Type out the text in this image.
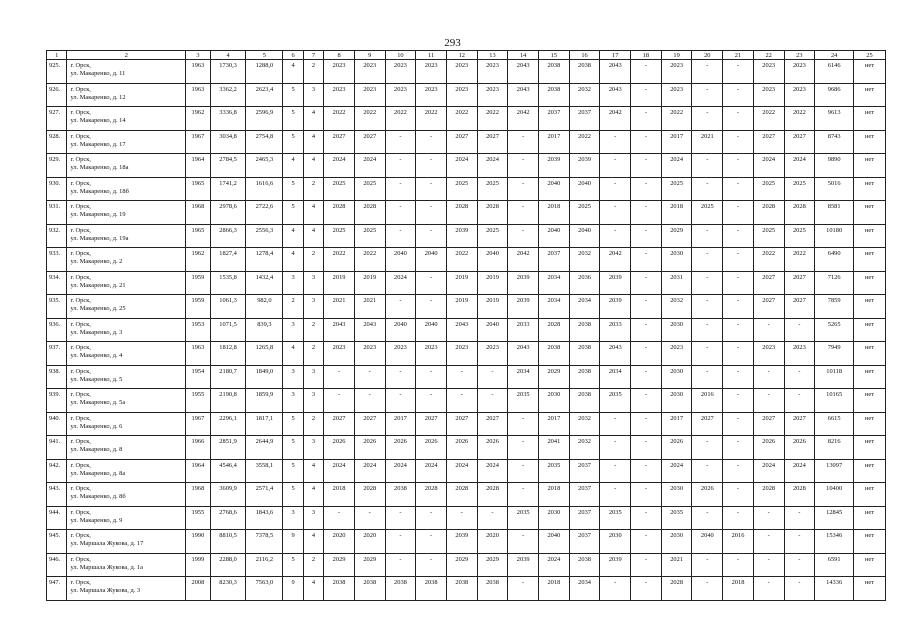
293
1	2	3	4	5	6	7	8	9	10	11	12	13	14	15	16	17	18	19	20	21	22	23	24	25
925.	г. Орск,
ул. Макаренко, д. 11	1963	1730,3	1288,0	4	2	2023	2023	2023	2023	2023	2023	2043	2038	2038	2043	-	2023	-	-	2023	2023	6146	нет
926.	г. Орск,
ул. Макаренко, д. 12	1963	3362,2	2623,4	5	3	2023	2023	2023	2023	2023	2023	2043	2038	2032	2043	-	2023	-	-	2023	2023	9686	нет
927.	г. Орск,
ул. Макаренко, д. 14	1962	3336,8	2596,9	5	4	2022	2022	2022	2022	2022	2022	2042	2037	2037	2042	-	2022	-	-	2022	2022	9613	нет
928.	г. Орск,
ул. Макаренко, д. 17	1967	3034,8	2754,8	5	4	2027	2027	-	-	2027	2027	-	2017	2022	-	-	2017	2021	-	2027	2027	8743	нет
929.	г. Орск,
ул. Макаренко, д. 18а	1964	2784,5	2465,3	4	4	2024	2024	-	-	2024	2024	-	2039	2039	-	-	2024	-	-	2024	2024	9890	нет
930.	г. Орск,
ул. Макаренко, д. 18б	1965	1741,2	1616,6	5	2	2025	2025	-	-	2025	2025	-	2040	2040	-	-	2025	-	-	2025	2025	5016	нет
931.	г. Орск,
ул. Макаренко, д. 19	1968	2978,6	2722,6	5	4	2028	2028	-	-	2028	2028	-	2018	2025	-	-	2018	2025	-	2028	2028	8581	нет
932.	г. Орск,
ул. Макаренко, д. 19а	1965	2866,3	2556,3	4	4	2025	2025	-	-	2039	2025	-	2040	2040	-	-	2029	-	-	2025	2025	10180	нет
933.	г. Орск,
ул. Макаренко, д. 2	1962	1827,4	1278,4	4	2	2022	2022	2040	2040	2022	2040	2042	2037	2032	2042	-	2030	-	-	2022	2022	6490	нет
934.	г. Орск,
ул. Макаренко, д. 21	1959	1535,8	1432,4	3	3	2019	2019	2024	-	2019	2019	2039	2034	2036	2039	-	2031	-	-	2027	2027	7126	нет
935.	г. Орск,
ул. Макаренко, д. 25	1959	1061,3	982,0	2	3	2021	2021	-	-	2019	2019	2039	2034	2034	2039	-	2032	-	-	2027	2027	7859	нет
936.	г. Орск,
ул. Макаренко, д. 3	1953	1071,5	839,3	3	2	2043	2043	2040	2040	2043	2040	2033	2028	2038	2033	-	2030	-	-	-	-	5265	нет
937.	г. Орск,
ул. Макаренко, д. 4	1963	1812,8	1265,8	4	2	2023	2023	2023	2023	2023	2023	2043	2038	2038	2043	-	2023	-	-	2023	2023	7949	нет
938.	г. Орск,
ул. Макаренко, д. 5	1954	2180,7	1849,0	3	3	-	-	-	-	-	-	2034	2029	2038	2034	-	2030	-	-	-	-	10118	нет
939.	г. Орск,
ул. Макаренко, д. 5а	1955	2190,8	1859,9	3	3	-	-	-	-	-	-	2035	2030	2038	2035	-	2030	2016	-	-	-	10165	нет
940.	г. Орск,
ул. Макаренко, д. 6	1967	2296,1	1817,1	5	2	2027	2027	2017	2027	2027	2027	-	2017	2032	-	-	2017	2027	-	2027	2027	6615	нет
941.	г. Орск,
ул. Макаренко, д. 8	1966	2851,9	2644,9	5	3	2026	2026	2026	2026	2026	2026	-	2041	2032	-	-	2026	-	-	2026	2026	8216	нет
942.	г. Орск,
ул. Макаренко, д. 8а	1964	4546,4	3558,1	5	4	2024	2024	2024	2024	2024	2024	-	2035	2037	-	-	2024	-	-	2024	2024	13097	нет
943.	г. Орск,
ул. Макаренко, д. 8б	1968	3609,9	2571,4	5	4	2018	2028	2038	2028	2028	2028	-	2018	2037	-	-	2030	2026	-	2028	2028	10400	нет
944.	г. Орск,
ул. Макаренко, д. 9	1955	2768,6	1843,6	3	3	-	-	-	-	-	-	2035	2030	2037	2035	-	2035	-	-	-	-	12845	нет
945.	г. Орск,
ул. Маршала Жукова, д. 17	1990	8810,5	7378,5	9	4	2020	2020	-	-	2039	2020	-	2040	2037	2030	-	2030	2040	2016	-	-	15346	нет
946.	г. Орск,
ул. Маршала Жукова, д. 1а	1999	2288,0	2116,2	5	2	2029	2029	-	-	2029	2029	2039	2024	2038	2039	-	2021	-	-	-	-	6591	нет
947.	г. Орск,
ул. Маршала Жукова, д. 3	2008	8230,3	7563,0	9	4	2038	2038	2038	2038	2038	2038	-	2018	2034	-	-	2028	-	2018	-	-	14336	нет
